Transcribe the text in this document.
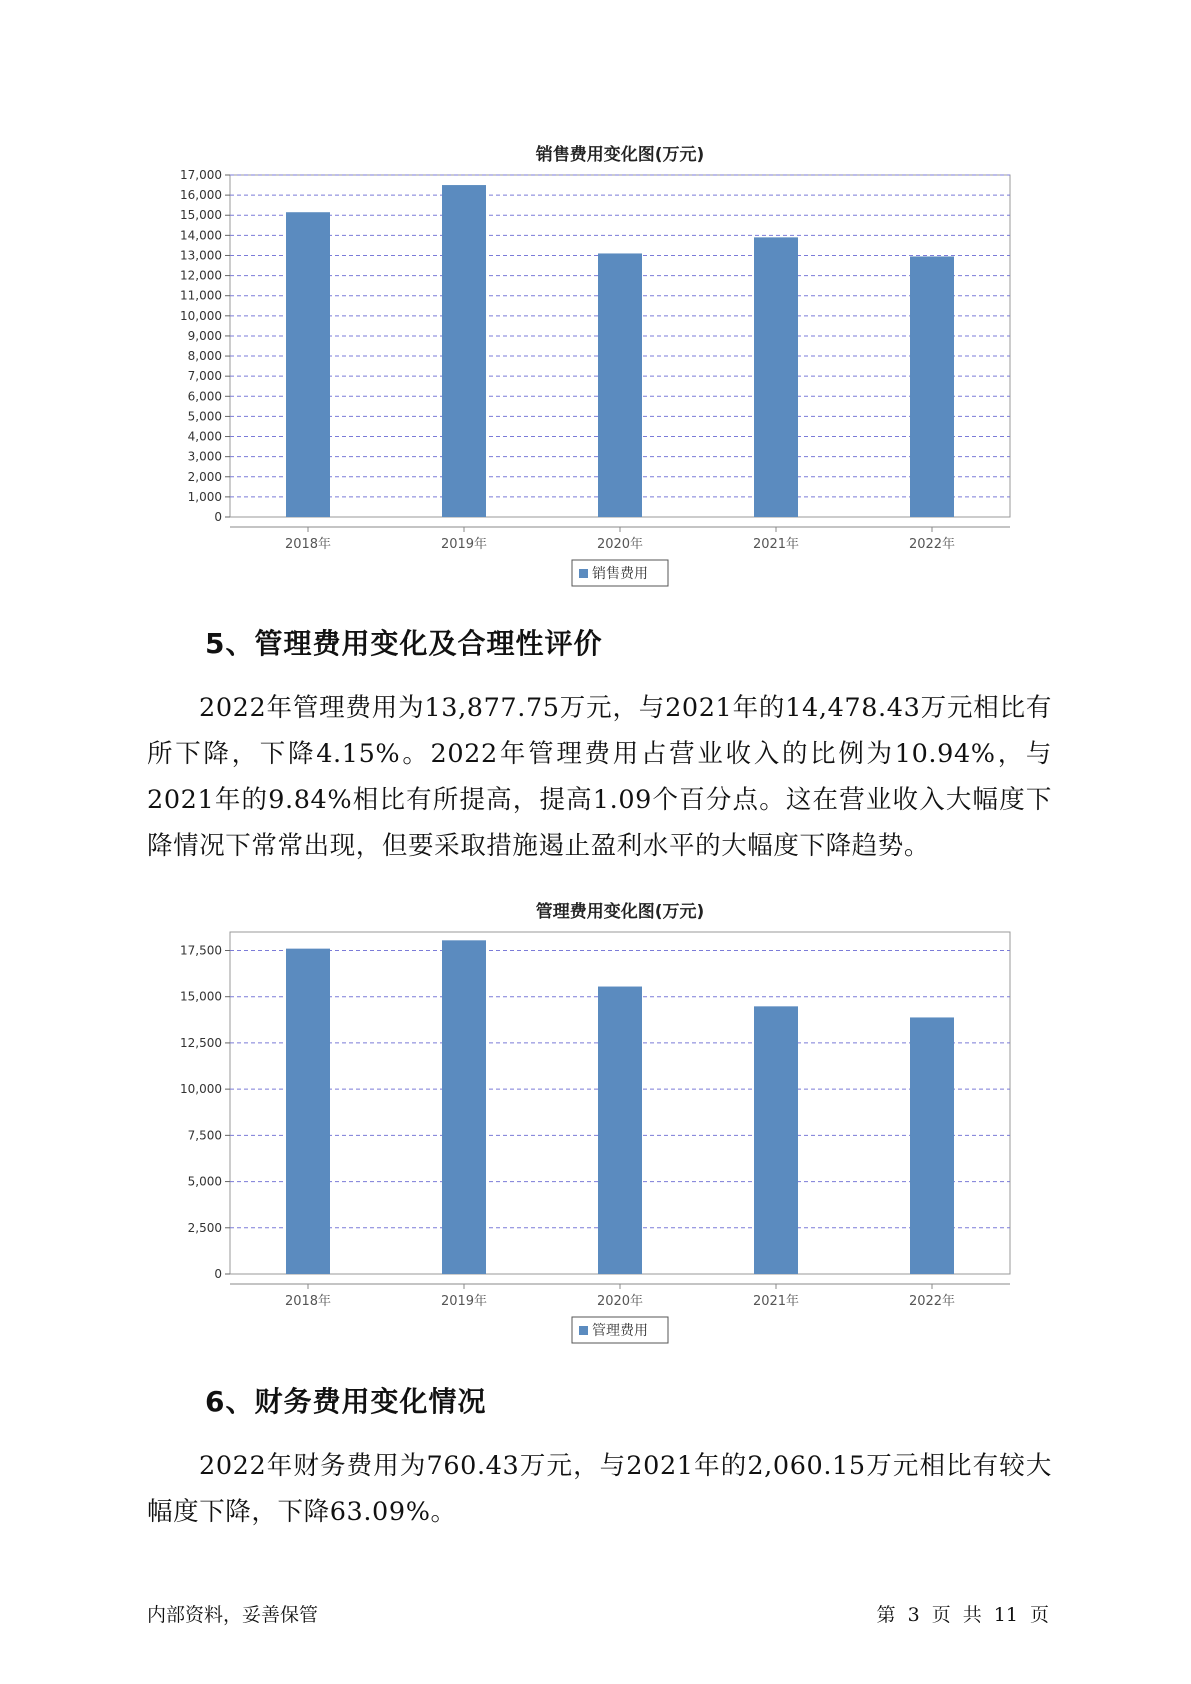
销售费用变化图(万元)
0
1,000
2,000
3,000
4,000
5,000
6,000
7,000
8,000
9,000
10,000
11,000
12,000
13,000
14,000
15,000
16,000
17,000
2018年	2019年	2020年	2021年	2022年
销售费用
5、管理费用变化及合理性评价
2022年管理费用为13,877.75万元，与2021年的14,478.43万元相比有所下降，下降4.15%。2022年管理费用占营业收入的比例为10.94%，与2021年的9.84%相比有所提高，提高1.09个百分点。这在营业收入大幅度下降情况下常常出现，但要采取措施遏止盈利水平的大幅度下降趋势。
管理费用变化图(万元)
0
2,500
5,000
7,500
10,000
12,500
15,000
17,500
2018年	2019年	2020年	2021年	2022年
管理费用
6、财务费用变化情况
2022年财务费用为760.43万元，与2021年的2,060.15万元相比有较大幅度下降，下降63.09%。
内部资料，妥善保管	第 3 页 共 11 页
